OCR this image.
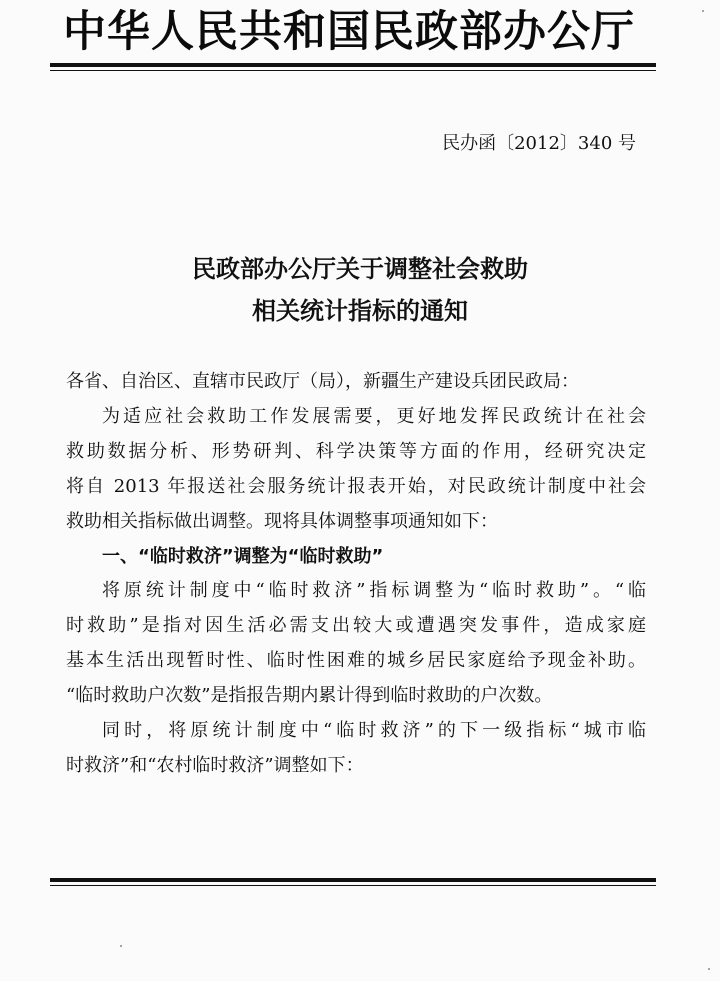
中华人民共和国民政部办公厅
民办函〔2012〕340 号
民政部办公厅关于调整社会救助
相关统计指标的通知

各省、自治区、直辖市民政厅（局），新疆生产建设兵团民政局：

为适应社会救助工作发展需要，更好地发挥民政统计在社会

救助数据分析、形势研判、科学决策等方面的作用，经研究决定

将自 2013 年报送社会服务统计报表开始，对民政统计制度中社会

救助相关指标做出调整。现将具体调整事项通知如下：

一、“临时救济”调整为“临时救助”

将原统计制度中“临时救济”指标调整为“临时救助”。“临

时救助”是指对因生活必需支出较大或遭遇突发事件，造成家庭

基本生活出现暂时性、临时性困难的城乡居民家庭给予现金补助。

“临时救助户次数”是指报告期内累计得到临时救助的户次数。

同时，将原统计制度中“临时救济”的下一级指标“城市临

时救济”和“农村临时救济”调整如下：
